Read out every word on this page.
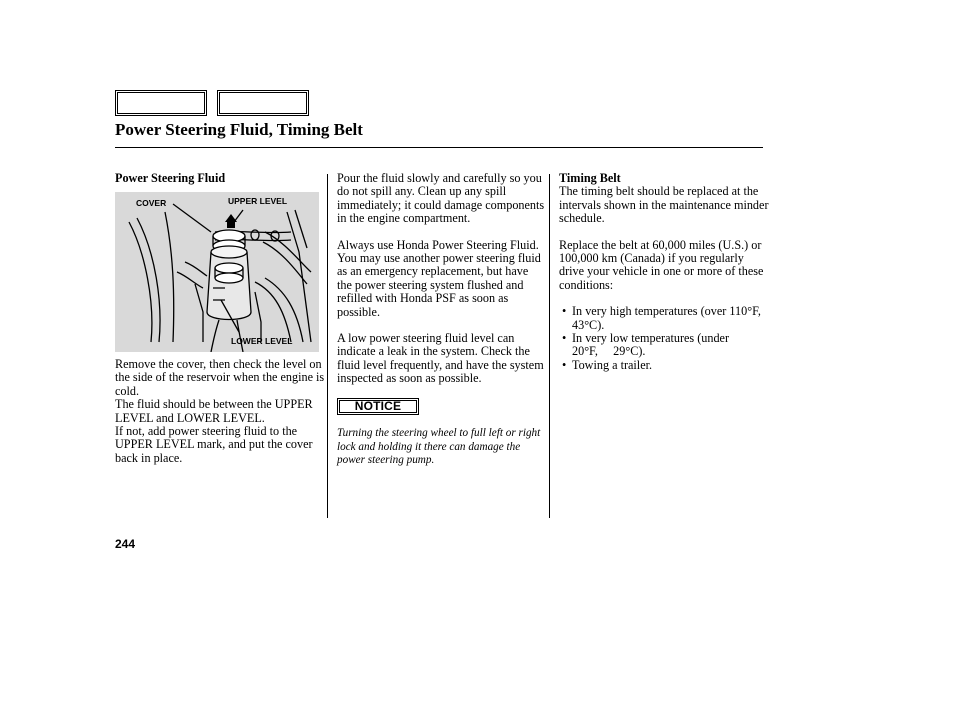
Power Steering Fluid, Timing Belt

Power Steering Fluid

Remove the cover, then check the level on the side of the reservoir when the engine is cold.

The fluid should be between the UPPER LEVEL and LOWER LEVEL.

If not, add power steering fluid to the UPPER LEVEL mark, and put the cover back in place.

COVER	UPPER LEVEL
LOWER LEVEL

Pour the fluid slowly and carefully so you do not spill any. Clean up any spill immediately; it could damage components in the engine compartment.

Always use Honda Power Steering Fluid. You may use another power steering fluid as an emergency replacement, but have the power steering system flushed and refilled with Honda PSF as soon as possible.

A low power steering fluid level can indicate a leak in the system. Check the fluid level frequently, and have the system inspected as soon as possible.

NOTICE

Turning the steering wheel to full left or right lock and holding it there can damage the power steering pump.

Timing Belt

The timing belt should be replaced at the intervals shown in the maintenance minder schedule.

Replace the belt at 60,000 miles (U.S.) or 100,000 km (Canada) if you regularly drive your vehicle in one or more of these conditions:

• In very high temperatures (over 110°F, 43°C).
• In very low temperatures (under     20°F,     29°C).
• Towing a trailer.
244
